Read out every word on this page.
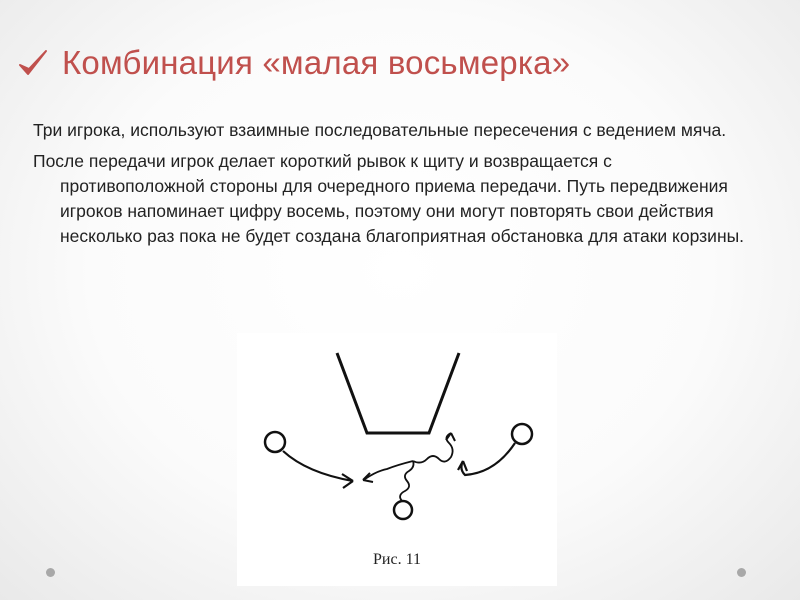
Комбинация «малая восьмерка»

Три игрока, используют взаимные последовательные пересечения с ведением мяча.

После передачи игрок делает короткий рывок к щиту и возвращается с противоположной стороны для очередного приема передачи. Путь передвижения игроков напоминает цифру восемь, поэтому они могут повторять свои действия несколько раз пока не будет создана благоприятная обстановка для атаки корзины.

Рис. 11
